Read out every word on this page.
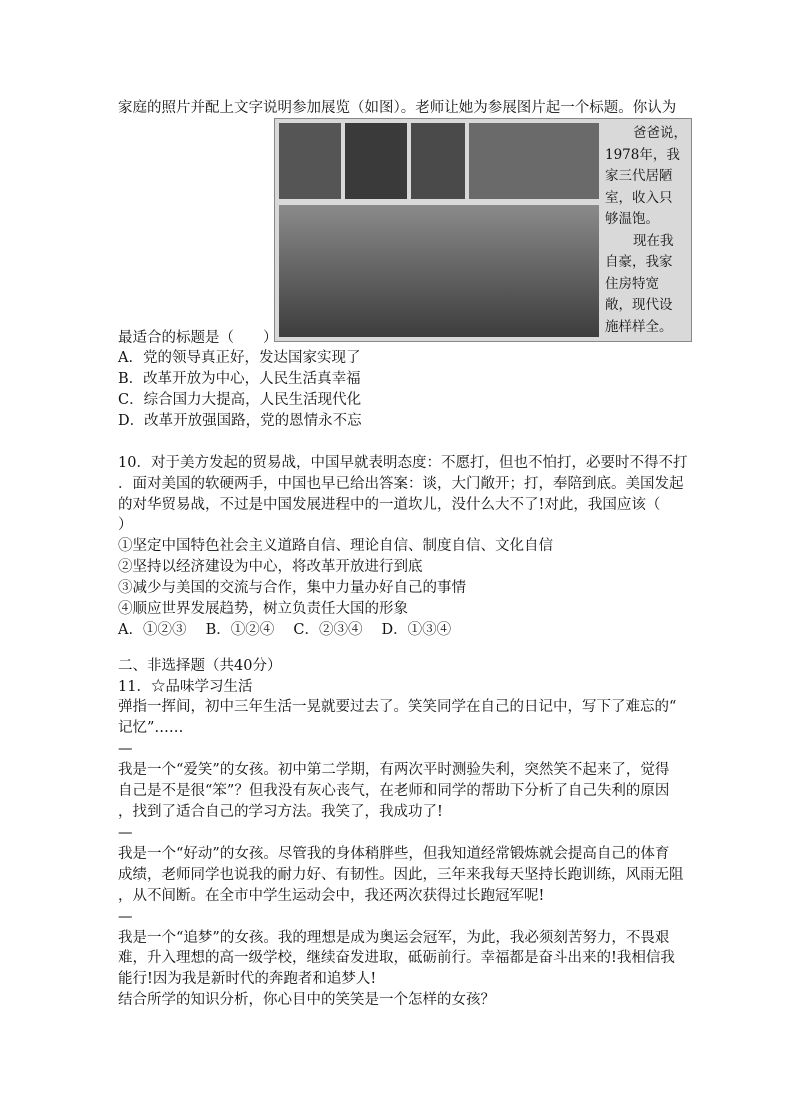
家庭的照片并配上文字说明参加展览（如图）。老师让她为参展图片起一个标题。你认为
爸爸说，
1978年，我
家三代居陋
室，收入只
够温饱。
现在我
自豪，我家
住房特宽
敞，现代设
施样样全。
最适合的标题是（　　）
A．党的领导真正好，发达国家实现了
B．改革开放为中心，人民生活真幸福
C．综合国力大提高，人民生活现代化
D．改革开放强国路，党的恩情永不忘
10．对于美方发起的贸易战，中国早就表明态度：不愿打，但也不怕打，必要时不得不打
．面对美国的软硬两手，中国也早已给出答案：谈，大门敞开；打，奉陪到底。美国发起
的对华贸易战，不过是中国发展进程中的一道坎儿，没什么大不了!对此，我国应该（
）
①坚定中国特色社会主义道路自信、理论自信、制度自信、文化自信
②坚持以经济建设为中心，将改革开放进行到底
③减少与美国的交流与合作，集中力量办好自己的事情
④顺应世界发展趋势，树立负责任大国的形象
A．①②③　 B．①②④　 C．②③④　 D．①③④
二、非选择题（共40分）
11．☆品味学习生活
弹指一挥间，初中三年生活一晃就要过去了。笑笑同学在自己的日记中，写下了难忘的“
记忆”……
—
我是一个“爱笑”的女孩。初中第二学期，有两次平时测验失利，突然笑不起来了，觉得
自己是不是很“笨”？但我没有灰心丧气，在老师和同学的帮助下分析了自己失利的原因
，找到了适合自己的学习方法。我笑了，我成功了!
—
我是一个“好动”的女孩。尽管我的身体稍胖些，但我知道经常锻炼就会提高自己的体育
成绩，老师同学也说我的耐力好、有韧性。因此，三年来我每天坚持长跑训练，风雨无阻
，从不间断。在全市中学生运动会中，我还两次获得过长跑冠军呢!
—
我是一个“追梦”的女孩。我的理想是成为奥运会冠军，为此，我必须刻苦努力，不畏艰
难，升入理想的高一级学校，继续奋发进取，砥砺前行。幸福都是奋斗出来的!我相信我
能行!因为我是新时代的奔跑者和追梦人!
结合所学的知识分析，你心目中的笑笑是一个怎样的女孩？
